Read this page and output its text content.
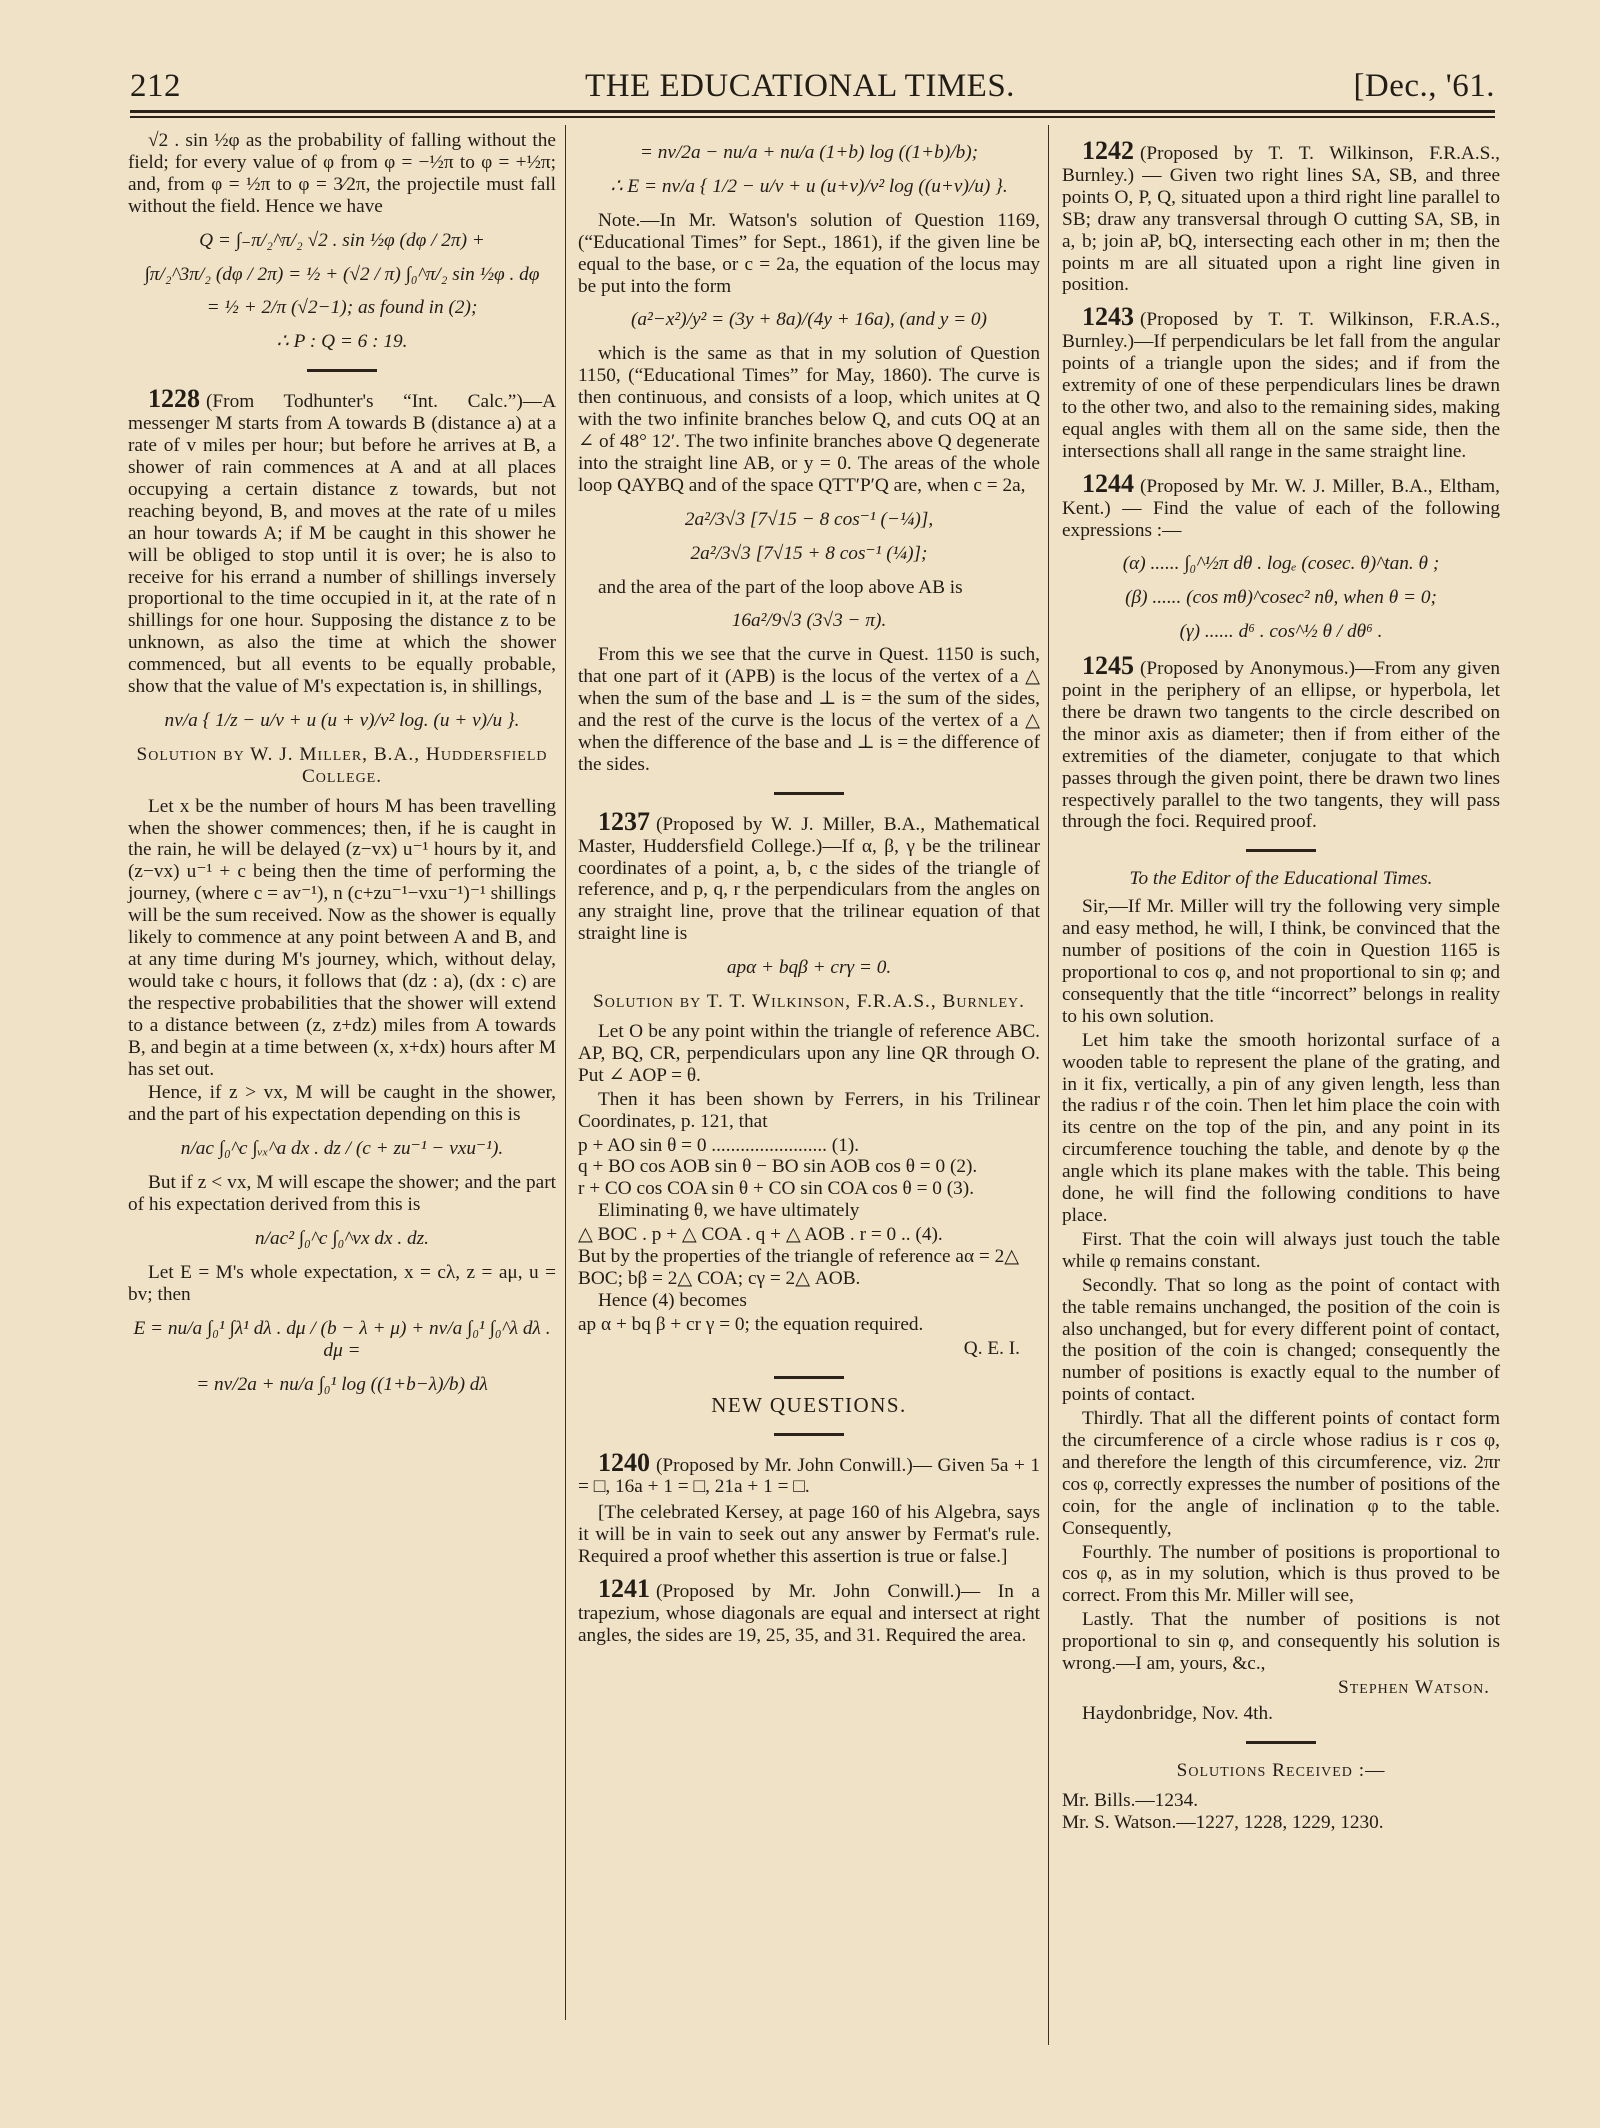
212	THE EDUCATIONAL TIMES.	[Dec., '61.
√2 . sin ½φ as the probability of falling without the field; for every value of φ from φ = −½π to φ = +½π; and, from φ = ½π to φ = 3⁄2π, the projectile must fall without the field. Hence we have
Q = ∫₋π/₂^π/₂ √2 . sin ½φ (dφ / 2π) +
∫π/₂^3π/₂ (dφ / 2π) = ½ + (√2 / π) ∫₀^π/₂ sin ½φ . dφ
= ½ + 2/π (√2−1); as found in (2);
∴ P : Q = 6 : 19.
1228 (From Todhunter's “Int. Calc.”)—A messenger M starts from A towards B (distance a) at a rate of v miles per hour; but before he arrives at B, a shower of rain commences at A and at all places occupying a certain distance z towards, but not reaching beyond, B, and moves at the rate of u miles an hour towards A; if M be caught in this shower he will be obliged to stop until it is over; he is also to receive for his errand a number of shillings inversely proportional to the time occupied in it, at the rate of n shillings for one hour. Supposing the distance z to be unknown, as also the time at which the shower commenced, but all events to be equally probable, show that the value of M's expectation is, in shillings,
nv/a { 1/z − u/v + u (u + v)/v² log. (u + v)/u }.
Solution by W. J. Miller, B.A., Huddersfield College.
Let x be the number of hours M has been travelling when the shower commences; then, if he is caught in the rain, he will be delayed (z−vx) u⁻¹ hours by it, and (z−vx) u⁻¹ + c being then the time of performing the journey, (where c = av⁻¹), n (c+zu⁻¹−vxu⁻¹)⁻¹ shillings will be the sum received. Now as the shower is equally likely to commence at any point between A and B, and at any time during M's journey, which, without delay, would take c hours, it follows that (dz : a), (dx : c) are the respective probabilities that the shower will extend to a distance between (z, z+dz) miles from A towards B, and begin at a time between (x, x+dx) hours after M has set out.
Hence, if z > vx, M will be caught in the shower, and the part of his expectation depending on this is
n/ac ∫₀^c ∫ᵥₓ^a dx . dz / (c + zu⁻¹ − vxu⁻¹).
But if z < vx, M will escape the shower; and the part of his expectation derived from this is
n/ac² ∫₀^c ∫₀^vx dx . dz.
Let E = M's whole expectation, x = cλ, z = aμ, u = bv; then
E = nu/a ∫₀¹ ∫λ¹ dλ . dμ / (b − λ + μ) + nv/a ∫₀¹ ∫₀^λ dλ . dμ =
= nv/2a + nu/a ∫₀¹ log ((1+b−λ)/b) dλ
= nv/2a − nu/a + nu/a (1+b) log ((1+b)/b);
∴ E = nv/a { 1/2 − u/v + u (u+v)/v² log ((u+v)/u) }.
Note.—In Mr. Watson's solution of Question 1169, (“Educational Times” for Sept., 1861), if the given line be equal to the base, or c = 2a, the equation of the locus may be put into the form
(a²−x²)/y² = (3y + 8a)/(4y + 16a), (and y = 0)
which is the same as that in my solution of Question 1150, (“Educational Times” for May, 1860). The curve is then continuous, and consists of a loop, which unites at Q with the two infinite branches below Q, and cuts OQ at an ∠ of 48° 12′. The two infinite branches above Q degenerate into the straight line AB, or y = 0. The areas of the whole loop QAYBQ and of the space QTT′P′Q are, when c = 2a,
2a²/3√3 [7√15 − 8 cos⁻¹ (−¼)],
2a²/3√3 [7√15 + 8 cos⁻¹ (¼)];
and the area of the part of the loop above AB is
16a²/9√3 (3√3 − π).
From this we see that the curve in Quest. 1150 is such, that one part of it (APB) is the locus of the vertex of a △ when the sum of the base and ⊥ is = the sum of the sides, and the rest of the curve is the locus of the vertex of a △ when the difference of the base and ⊥ is = the difference of the sides.
1237 (Proposed by W. J. Miller, B.A., Mathematical Master, Huddersfield College.)—If α, β, γ be the trilinear coordinates of a point, a, b, c the sides of the triangle of reference, and p, q, r the perpendiculars from the angles on any straight line, prove that the trilinear equation of that straight line is
apα + bqβ + crγ = 0.
Solution by T. T. Wilkinson, F.R.A.S., Burnley.
Let O be any point within the triangle of reference ABC. AP, BQ, CR, perpendiculars upon any line QR through O. Put ∠ AOP = θ.
Then it has been shown by Ferrers, in his Trilinear Coordinates, p. 121, that
p + AO sin θ = 0 ........................ (1).
q + BO cos AOB sin θ − BO sin AOB cos θ = 0 (2).
r + CO cos COA sin θ + CO sin COA cos θ = 0 (3).
Eliminating θ, we have ultimately
△ BOC . p + △ COA . q + △ AOB . r = 0 .. (4).
But by the properties of the triangle of reference aα = 2△ BOC; bβ = 2△ COA; cγ = 2△ AOB.
Hence (4) becomes
ap α + bq β + cr γ = 0; the equation required.
Q. E. I.
NEW QUESTIONS.
1240 (Proposed by Mr. John Conwill.)— Given 5a + 1 = □, 16a + 1 = □, 21a + 1 = □.
[The celebrated Kersey, at page 160 of his Algebra, says it will be in vain to seek out any answer by Fermat's rule. Required a proof whether this assertion is true or false.]
1241 (Proposed by Mr. John Conwill.)— In a trapezium, whose diagonals are equal and intersect at right angles, the sides are 19, 25, 35, and 31. Required the area.
1242 (Proposed by T. T. Wilkinson, F.R.A.S., Burnley.) — Given two right lines SA, SB, and three points O, P, Q, situated upon a third right line parallel to SB; draw any transversal through O cutting SA, SB, in a, b; join aP, bQ, intersecting each other in m; then the points m are all situated upon a right line given in position.
1243 (Proposed by T. T. Wilkinson, F.R.A.S., Burnley.)—If perpendiculars be let fall from the angular points of a triangle upon the sides; and if from the extremity of one of these perpendiculars lines be drawn to the other two, and also to the remaining sides, making equal angles with them all on the same side, then the intersections shall all range in the same straight line.
1244 (Proposed by Mr. W. J. Miller, B.A., Eltham, Kent.) — Find the value of each of the following expressions :—
(α) ...... ∫₀^½π dθ . logₑ (cosec. θ)^tan. θ ;
(β) ...... (cos mθ)^cosec² nθ, when θ = 0;
(γ) ...... d⁶ . cos^½ θ / dθ⁶ .
1245 (Proposed by Anonymous.)—From any given point in the periphery of an ellipse, or hyperbola, let there be drawn two tangents to the circle described on the minor axis as diameter; then if from either of the extremities of the diameter, conjugate to that which passes through the given point, there be drawn two lines respectively parallel to the two tangents, they will pass through the foci. Required proof.
To the Editor of the Educational Times.
Sir,—If Mr. Miller will try the following very simple and easy method, he will, I think, be convinced that the number of positions of the coin in Question 1165 is proportional to cos φ, and not proportional to sin φ; and consequently that the title “incorrect” belongs in reality to his own solution.
Let him take the smooth horizontal surface of a wooden table to represent the plane of the grating, and in it fix, vertically, a pin of any given length, less than the radius r of the coin. Then let him place the coin with its centre on the top of the pin, and any point in its circumference touching the table, and denote by φ the angle which its plane makes with the table. This being done, he will find the following conditions to have place.
First. That the coin will always just touch the table while φ remains constant.
Secondly. That so long as the point of contact with the table remains unchanged, the position of the coin is also unchanged, but for every different point of contact, the position of the coin is changed; consequently the number of positions is exactly equal to the number of points of contact.
Thirdly. That all the different points of contact form the circumference of a circle whose radius is r cos φ, and therefore the length of this circumference, viz. 2πr cos φ, correctly expresses the number of positions of the coin, for the angle of inclination φ to the table. Consequently,
Fourthly. The number of positions is proportional to cos φ, as in my solution, which is thus proved to be correct. From this Mr. Miller will see,
Lastly. That the number of positions is not proportional to sin φ, and consequently his solution is wrong.—I am, yours, &c.,
Stephen Watson.
Haydonbridge, Nov. 4th.
Solutions Received :—
Mr. Bills.—1234.
Mr. S. Watson.—1227, 1228, 1229, 1230.
